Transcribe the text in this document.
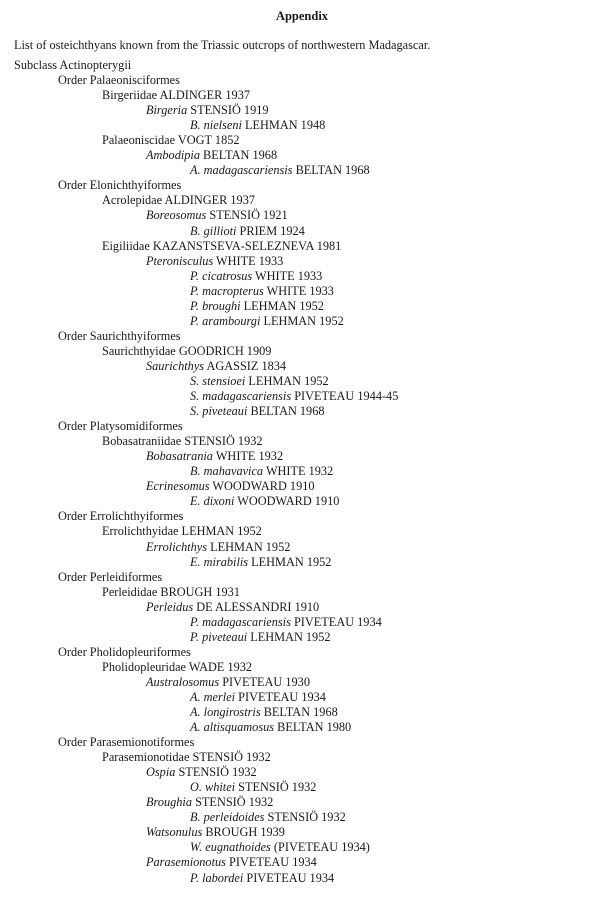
Appendix
List of osteichthyans known from the Triassic outcrops of northwestern Madagascar.
Subclass Actinopterygii
Order Palaeonisciformes
Birgeriidae ALDINGER 1937
Birgeria STENSIÖ 1919
B. nielseni LEHMAN 1948
Palaeoniscidae VOGT 1852
Ambodipia BELTAN 1968
A. madagascariensis BELTAN 1968
Order Elonichthyiformes
Acrolepidae ALDINGER 1937
Boreosomus STENSIÖ 1921
B. gillioti PRIEM 1924
Eigiliidae KAZANSTSEVA-SELEZNEVA 1981
Pteronisculus WHITE 1933
P. cicatrosus WHITE 1933
P. macropterus WHITE 1933
P. broughi LEHMAN 1952
P. arambourgi LEHMAN 1952
Order Saurichthyiformes
Saurichthyidae GOODRICH 1909
Saurichthys AGASSIZ 1834
S. stensioei LEHMAN 1952
S. madagascariensis PIVETEAU 1944-45
S. piveteaui BELTAN 1968
Order Platysomidiformes
Bobasatraniidae STENSIÖ 1932
Bobasatrania WHITE 1932
B. mahavavica WHITE 1932
Ecrinesomus WOODWARD 1910
E. dixoni WOODWARD 1910
Order Errolichthyiformes
Errolichthyidae LEHMAN 1952
Errolichthys LEHMAN 1952
E. mirabilis LEHMAN 1952
Order Perleidiformes
Perleididae BROUGH 1931
Perleidus DE ALESSANDRI 1910
P. madagascariensis PIVETEAU 1934
P. piveteaui LEHMAN 1952
Order Pholidopleuriformes
Pholidopleuridae WADE 1932
Australosomus PIVETEAU 1930
A. merlei PIVETEAU 1934
A. longirostris BELTAN 1968
A. altisquamosus BELTAN 1980
Order Parasemionotiformes
Parasemionotidae STENSIÖ 1932
Ospia STENSIÖ 1932
O. whitei STENSIÖ 1932
Broughia STENSIÖ 1932
B. perleidoides STENSIÖ 1932
Watsonulus BROUGH 1939
W. eugnathoides (PIVETEAU 1934)
Parasemionotus PIVETEAU 1934
P. labordei PIVETEAU 1934
